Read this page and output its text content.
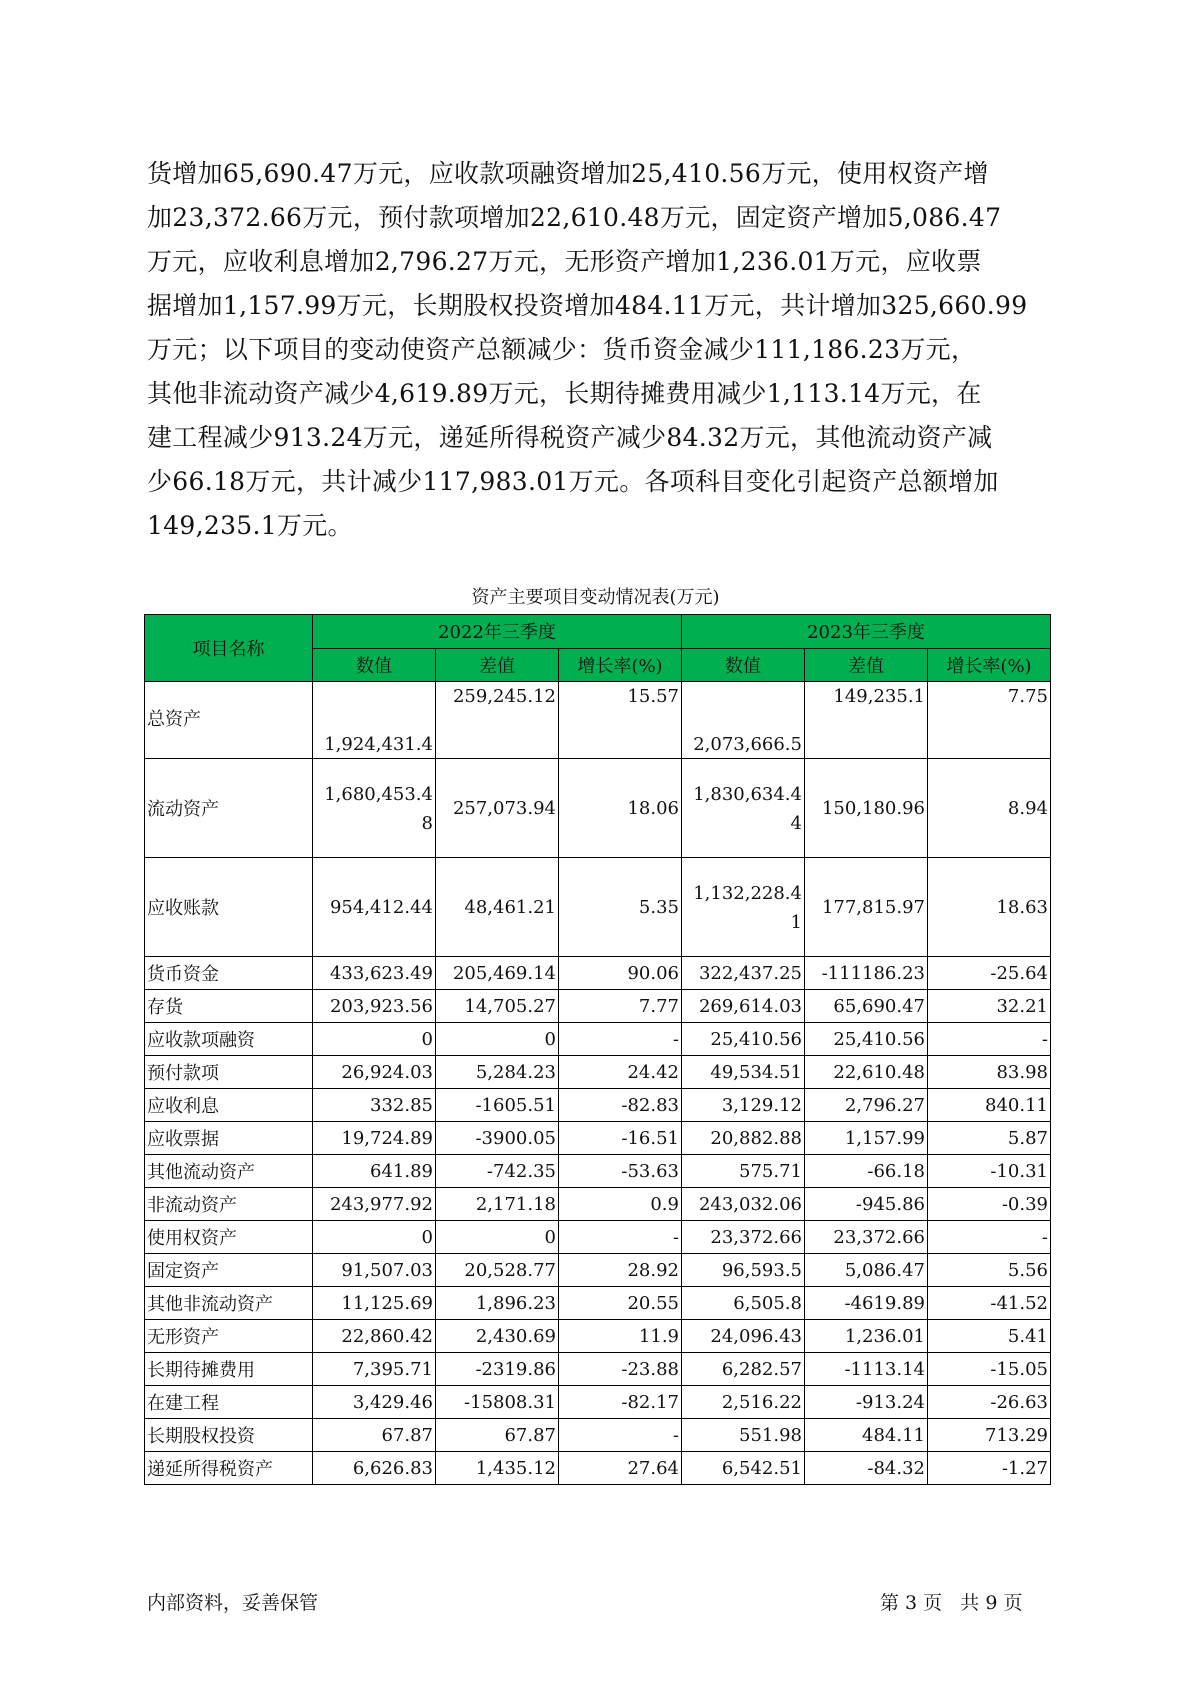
货增加65,690.47万元，应收款项融资增加25,410.56万元，使用权资产增
加23,372.66万元，预付款项增加22,610.48万元，固定资产增加5,086.47
万元，应收利息增加2,796.27万元，无形资产增加1,236.01万元，应收票
据增加1,157.99万元，长期股权投资增加484.11万元，共计增加325,660.99
万元；以下项目的变动使资产总额减少：货币资金减少111,186.23万元，
其他非流动资产减少4,619.89万元，长期待摊费用减少1,113.14万元，在
建工程减少913.24万元，递延所得税资产减少84.32万元，其他流动资产减
少66.18万元，共计减少117,983.01万元。各项科目变化引起资产总额增加
149,235.1万元。
资产主要项目变动情况表(万元)
项目名称	2022年三季度			2023年三季度		
	数值	差值	增长率(%)	数值	差值	增长率(%)
总资产	1,924,431.4	259,245.12	15.57	2,073,666.5	149,235.1	7.75
流动资产	1,680,453.48	257,073.94	18.06	1,830,634.44	150,180.96	8.94
应收账款	954,412.44	48,461.21	5.35	1,132,228.41	177,815.97	18.63
货币资金	433,623.49	205,469.14	90.06	322,437.25	-111186.23	-25.64
存货	203,923.56	14,705.27	7.77	269,614.03	65,690.47	32.21
应收款项融资	0	0	-	25,410.56	25,410.56	-
预付款项	26,924.03	5,284.23	24.42	49,534.51	22,610.48	83.98
应收利息	332.85	-1605.51	-82.83	3,129.12	2,796.27	840.11
应收票据	19,724.89	-3900.05	-16.51	20,882.88	1,157.99	5.87
其他流动资产	641.89	-742.35	-53.63	575.71	-66.18	-10.31
非流动资产	243,977.92	2,171.18	0.9	243,032.06	-945.86	-0.39
使用权资产	0	0	-	23,372.66	23,372.66	-
固定资产	91,507.03	20,528.77	28.92	96,593.5	5,086.47	5.56
其他非流动资产	11,125.69	1,896.23	20.55	6,505.8	-4619.89	-41.52
无形资产	22,860.42	2,430.69	11.9	24,096.43	1,236.01	5.41
长期待摊费用	7,395.71	-2319.86	-23.88	6,282.57	-1113.14	-15.05
在建工程	3,429.46	-15808.31	-82.17	2,516.22	-913.24	-26.63
长期股权投资	67.87	67.87	-	551.98	484.11	713.29
递延所得税资产	6,626.83	1,435.12	27.64	6,542.51	-84.32	-1.27
内部资料，妥善保管	第 3 页 共 9 页
